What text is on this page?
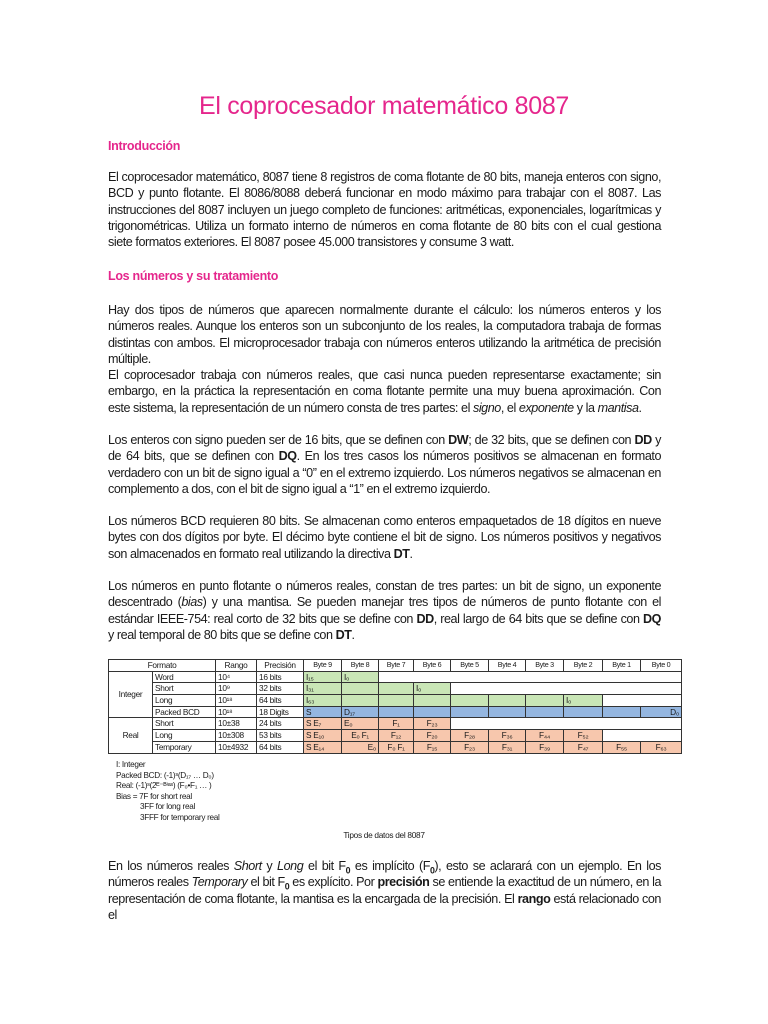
El coprocesador matemático 8087
Introducción
El coprocesador matemático, 8087 tiene 8 registros de coma flotante de 80 bits, maneja enteros con signo, BCD y punto flotante. El 8086/8088 deberá funcionar en modo máximo para trabajar con el 8087. Las instrucciones del 8087 incluyen un juego completo de funciones: aritméticas, exponenciales, logarítmicas y trigonométricas. Utiliza un formato interno de números en coma flotante de 80 bits con el cual gestiona siete formatos exteriores. El 8087 posee 45.000 transistores y consume 3 watt.
Los números y su tratamiento
Hay dos tipos de números que aparecen normalmente durante el cálculo: los números enteros y los números reales. Aunque los enteros son un subconjunto de los reales, la computadora trabaja de formas distintas con ambos. El microprocesador trabaja con números enteros utilizando la aritmética de precisión múltiple.
El coprocesador trabaja con números reales, que casi nunca pueden representarse exactamente; sin embargo, en la práctica la representación en coma flotante permite una muy buena aproximación. Con este sistema, la representación de un número consta de tres partes: el signo, el exponente y la mantisa.
Los enteros con signo pueden ser de 16 bits, que se definen con DW; de 32 bits, que se definen con DD y de 64 bits, que se definen con DQ. En los tres casos los números positivos se almacenan en formato verdadero con un bit de signo igual a “0” en el extremo izquierdo. Los números negativos se almacenan en complemento a dos, con el bit de signo igual a “1” en el extremo izquierdo.
Los números BCD requieren 80 bits. Se almacenan como enteros empaquetados de 18 dígitos en nueve bytes con dos dígitos por byte. El décimo byte contiene el bit de signo. Los números positivos y negativos son almacenados en formato real utilizando la directiva DT.
Los números en punto flotante o números reales, constan de tres partes: un bit de signo, un exponente descentrado (bias) y una mantisa. Se pueden manejar tres tipos de números de punto flotante con el estándar IEEE-754: real corto de 32 bits que se define con DD, real largo de 64 bits que se define con DQ y real temporal de 80 bits que se define con DT.
Formato		Rango	Precisión	Byte 9	Byte 8	Byte 7	Byte 6	Byte 5	Byte 4	Byte 3	Byte 2	Byte 1	Byte 0
Integer	Word	10⁴	16 bits	I₁₅	I₀								
	Short	10⁹	32 bits	I₃₁			I₀						
	Long	10¹⁸	64 bits	I₆₃							I₀		
	Packed BCD	10¹⁸	18 Digits	S	D₁₇								D₀
Real	Short	10±38	24 bits	S E₇	E₀	F₁	F₂₃						
	Long	10±308	53 bits	S E₁₀	E₀ F₁	F₁₂	F₂₀	F₂₈	F₃₆	F₄₄	F₅₂		
	Temporary	10±4932	64 bits	S E₁₄	E₀	F₀ F₁	F₁₅	F₂₃	F₃₁	F₃₉	F₄₇	F₅₅	F₆₃
I: Integer
Packed BCD: (-1)ˢ(D₁₇ … D₀)
Real: (-1)ˢ(2ᴱ⁻ᴮⁱᵃˢ) (F₀•F₁ … )
Bias = 7F for short real
3FF for long real
3FFF for temporary real
Tipos de datos del 8087
En los números reales Short y Long el bit $F_0$ es implícito $(F_0)$, esto se aclarará con un ejemplo. En los números reales Temporary el bit $F_0$ es explícito. Por precisión se entiende la exactitud de un número, en la representación de coma flotante, la mantisa es la encargada de la precisión. El rango está relacionado con el
